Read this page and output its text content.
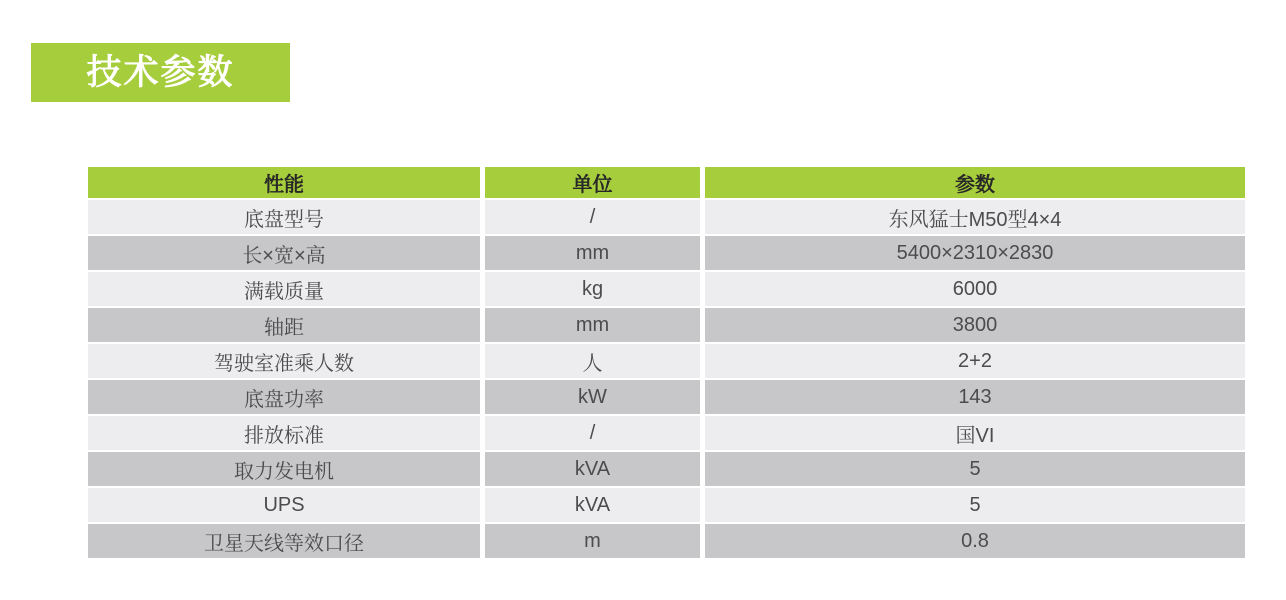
技术参数
性能	单位	参数
底盘型号	/	东风猛士M50型4×4
长×宽×高	mm	5400×2310×2830
满载质量	kg	6000
轴距	mm	3800
驾驶室准乘人数	人	2+2
底盘功率	kW	143
排放标准	/	国VI
取力发电机	kVA	5
UPS	kVA	5
卫星天线等效口径	m	0.8
